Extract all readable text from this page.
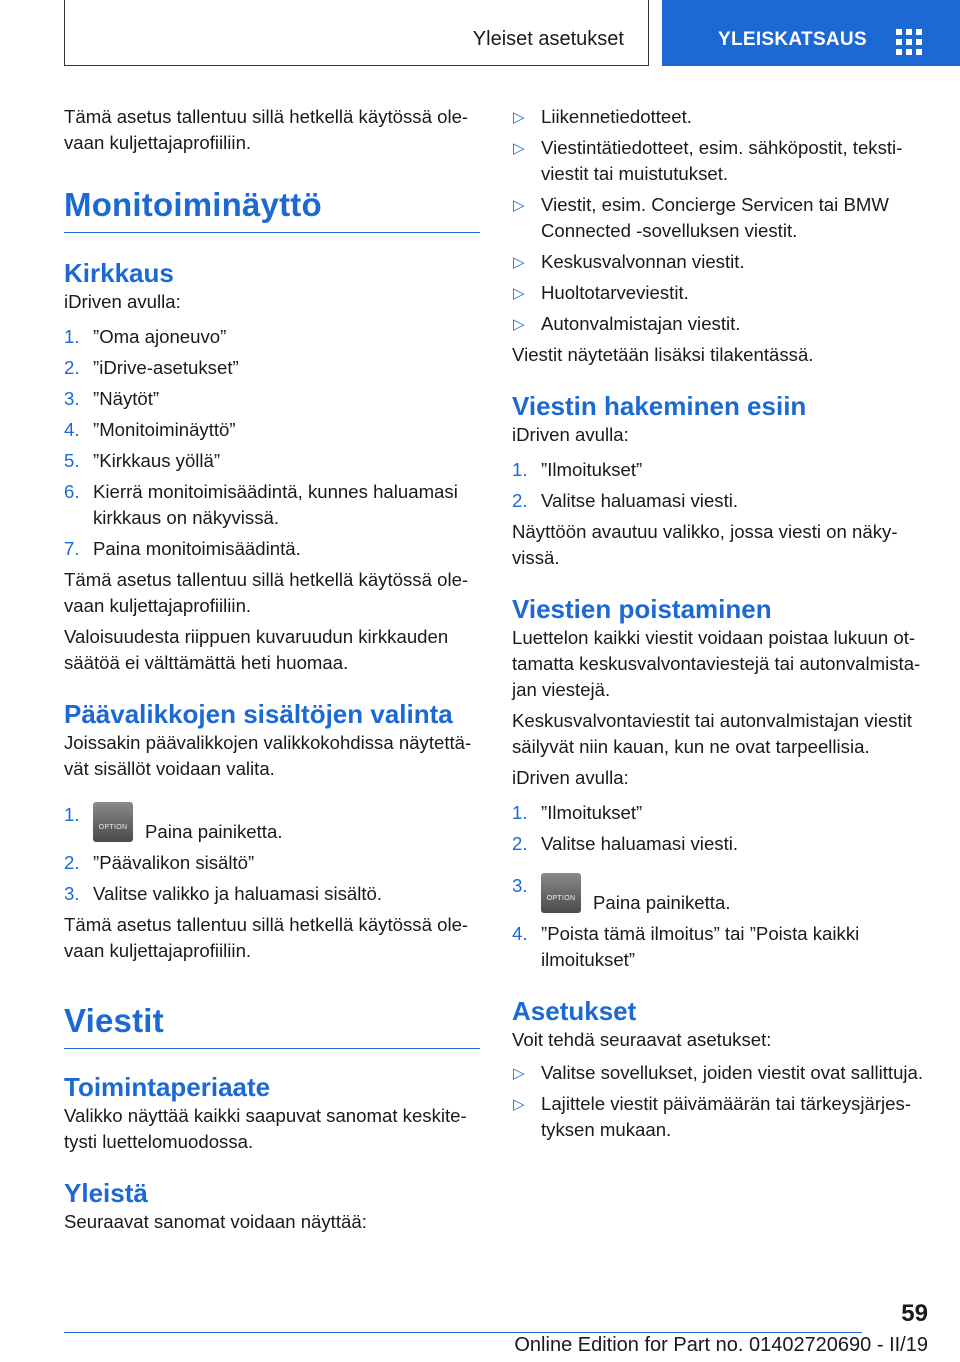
Yleiset asetukset	YLEISKATSAUS

Tämä asetus tallentuu sillä hetkellä käytössä olevaan kuljettajaprofiiliin.

Monitoiminäyttö
Kirkkaus

iDriven avulla:

1. ”Oma ajoneuvo”
2. ”iDrive-asetukset”
3. ”Näytöt”
4. ”Monitoiminäyttö”
5. ”Kirkkaus yöllä”
6. Kierrä monitoimisäädintä, kunnes haluamasi kirkkaus on näkyvissä.
7. Paina monitoimisäädintä.

Tämä asetus tallentuu sillä hetkellä käytössä olevaan kuljettajaprofiiliin.

Valoisuudesta riippuen kuvaruudun kirkkauden säätöä ei välttämättä heti huomaa.

Päävalikkojen sisältöjen valinta

Joissakin päävalikkojen valikkokohdissa näytettävät sisällöt voidaan valita.

1.
OPTION Paina painiketta.
2. ”Päävalikon sisältö”
3. Valitse valikko ja haluamasi sisältö.

Tämä asetus tallentuu sillä hetkellä käytössä olevaan kuljettajaprofiiliin.

Viestit
Toimintaperiaate

Valikko näyttää kaikki saapuvat sanomat keskitetysti luettelomuodossa.

Yleistä

Seuraavat sanomat voidaan näyttää:

▷ Liikennetiedotteet.
▷ Viestintätiedotteet, esim. sähköpostit, tekstiviestit tai muistutukset.
▷ Viestit, esim. Concierge Servicen tai BMW Connected -sovelluksen viestit.
▷ Keskusvalvonnan viestit.
▷ Huoltotarveviestit.
▷ Autonvalmistajan viestit.

Viestit näytetään lisäksi tilakentässä.

Viestin hakeminen esiin

iDriven avulla:

1. ”Ilmoitukset”
2. Valitse haluamasi viesti.

Näyttöön avautuu valikko, jossa viesti on näkyvissä.

Viestien poistaminen

Luettelon kaikki viestit voidaan poistaa lukuun ottamatta keskusvalvontaviestejä tai autonvalmistajan viestejä.

Keskusvalvontaviestit tai autonvalmistajan viestit säilyvät niin kauan, kun ne ovat tarpeellisia.

iDriven avulla:

1. ”Ilmoitukset”
2. Valitse haluamasi viesti.
3.
OPTION Paina painiketta.
4. ”Poista tämä ilmoitus” tai ”Poista kaikki ilmoitukset”
Asetukset

Voit tehdä seuraavat asetukset:

▷ Valitse sovellukset, joiden viestit ovat sallittuja.
▷ Lajittele viestit päivämäärän tai tärkeysjärjestyksen mukaan.
59
Online Edition for Part no. 01402720690 - II/19
